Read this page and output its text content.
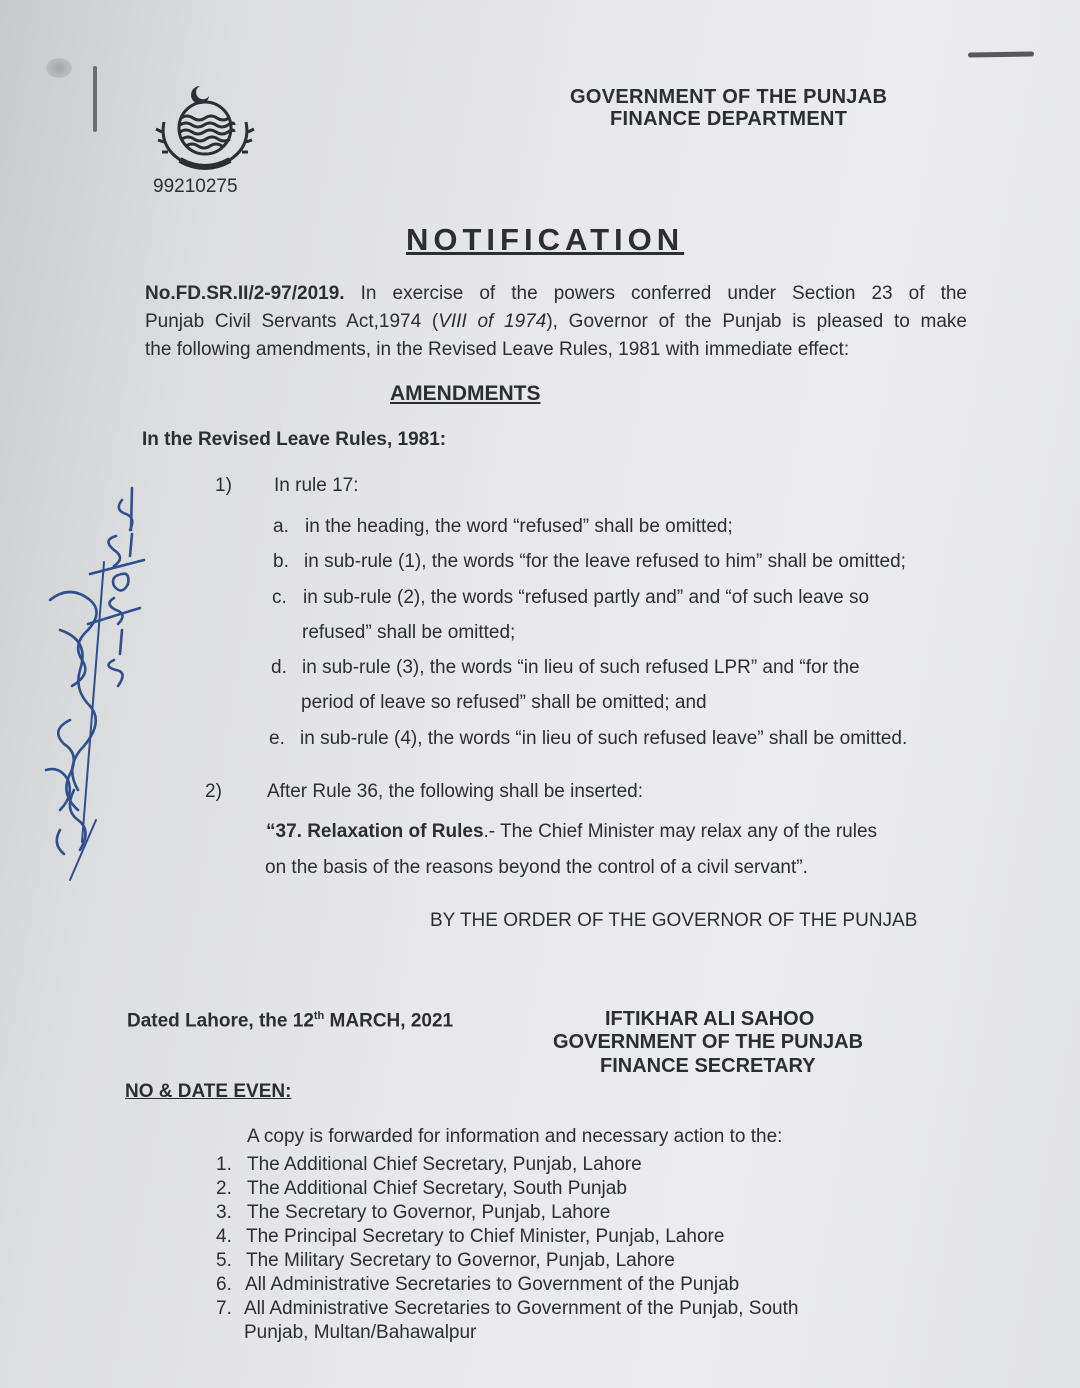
GOVERNMENT OF THE PUNJAB
FINANCE DEPARTMENT
99210275
NOTIFICATION
No.FD.SR.II/2-97/2019. In exercise of the powers conferred under Section 23 of the
Punjab Civil Servants Act,1974 (VIII of 1974), Governor of the Punjab is pleased to make
the following amendments, in the Revised Leave Rules, 1981 with immediate effect:
AMENDMENTS
In the Revised Leave Rules, 1981:
1) In rule 17:
a. in the heading, the word “refused” shall be omitted;
b. in sub-rule (1), the words “for the leave refused to him” shall be omitted;
c. in sub-rule (2), the words “refused partly and” and “of such leave so
refused” shall be omitted;
d. in sub-rule (3), the words “in lieu of such refused LPR” and “for the
period of leave so refused” shall be omitted; and
e. in sub-rule (4), the words “in lieu of such refused leave” shall be omitted.
2) After Rule 36, the following shall be inserted:
“37. Relaxation of Rules.- The Chief Minister may relax any of the rules
on the basis of the reasons beyond the control of a civil servant”.
BY THE ORDER OF THE GOVERNOR OF THE PUNJAB
Dated Lahore, the 12th MARCH, 2021	IFTIKHAR ALI SAHOO
GOVERNMENT OF THE PUNJAB
FINANCE SECRETARY
NO & DATE EVEN:
A copy is forwarded for information and necessary action to the:
1. The Additional Chief Secretary, Punjab, Lahore
2. The Additional Chief Secretary, South Punjab
3. The Secretary to Governor, Punjab, Lahore
4. The Principal Secretary to Chief Minister, Punjab, Lahore
5. The Military Secretary to Governor, Punjab, Lahore
6. All Administrative Secretaries to Government of the Punjab
7. All Administrative Secretaries to Government of the Punjab, South
Punjab, Multan/Bahawalpur
